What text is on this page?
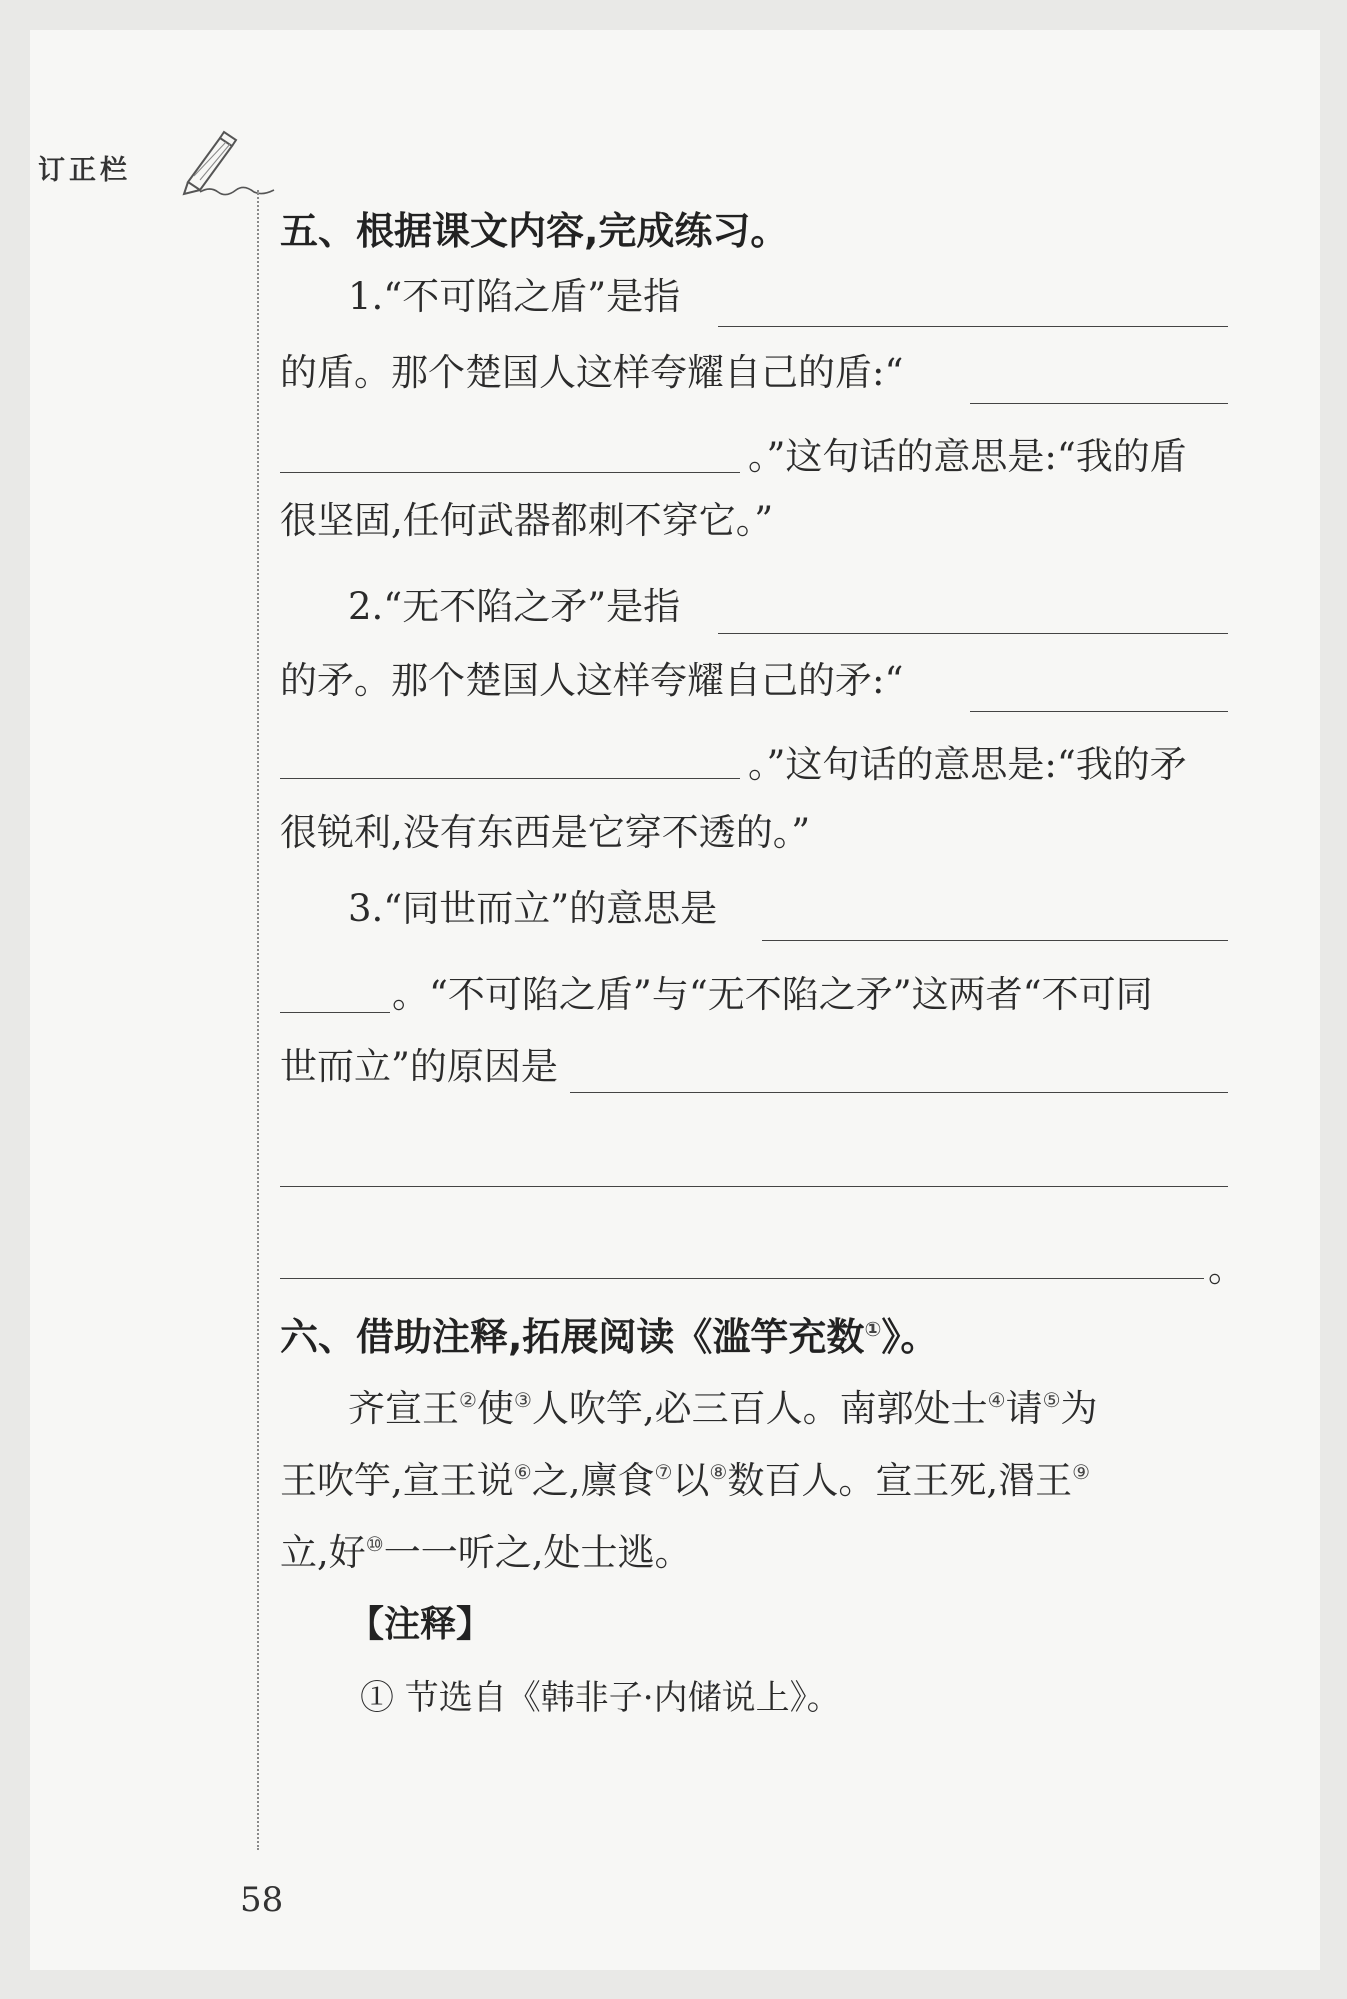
订正栏
五、根据课文内容,完成练习。
1.“不可陷之盾”是指
的盾。那个楚国人这样夸耀自己的盾:“
。”这句话的意思是:“我的盾
很坚固,任何武器都刺不穿它。”
2.“无不陷之矛”是指
的矛。那个楚国人这样夸耀自己的矛:“
。”这句话的意思是:“我的矛
很锐利,没有东西是它穿不透的。”
3.“同世而立”的意思是
。“不可陷之盾”与“无不陷之矛”这两者“不可同
世而立”的原因是
。
六、借助注释,拓展阅读《滥竽充数①》。
齐宣王②使③人吹竽,必三百人。南郭处士④请⑤为
王吹竽,宣王说⑥之,廪食⑦以⑧数百人。宣王死,湣王⑨
立,好⑩一一听之,处士逃。
【注释】
① 节选自《韩非子·内储说上》。
58
